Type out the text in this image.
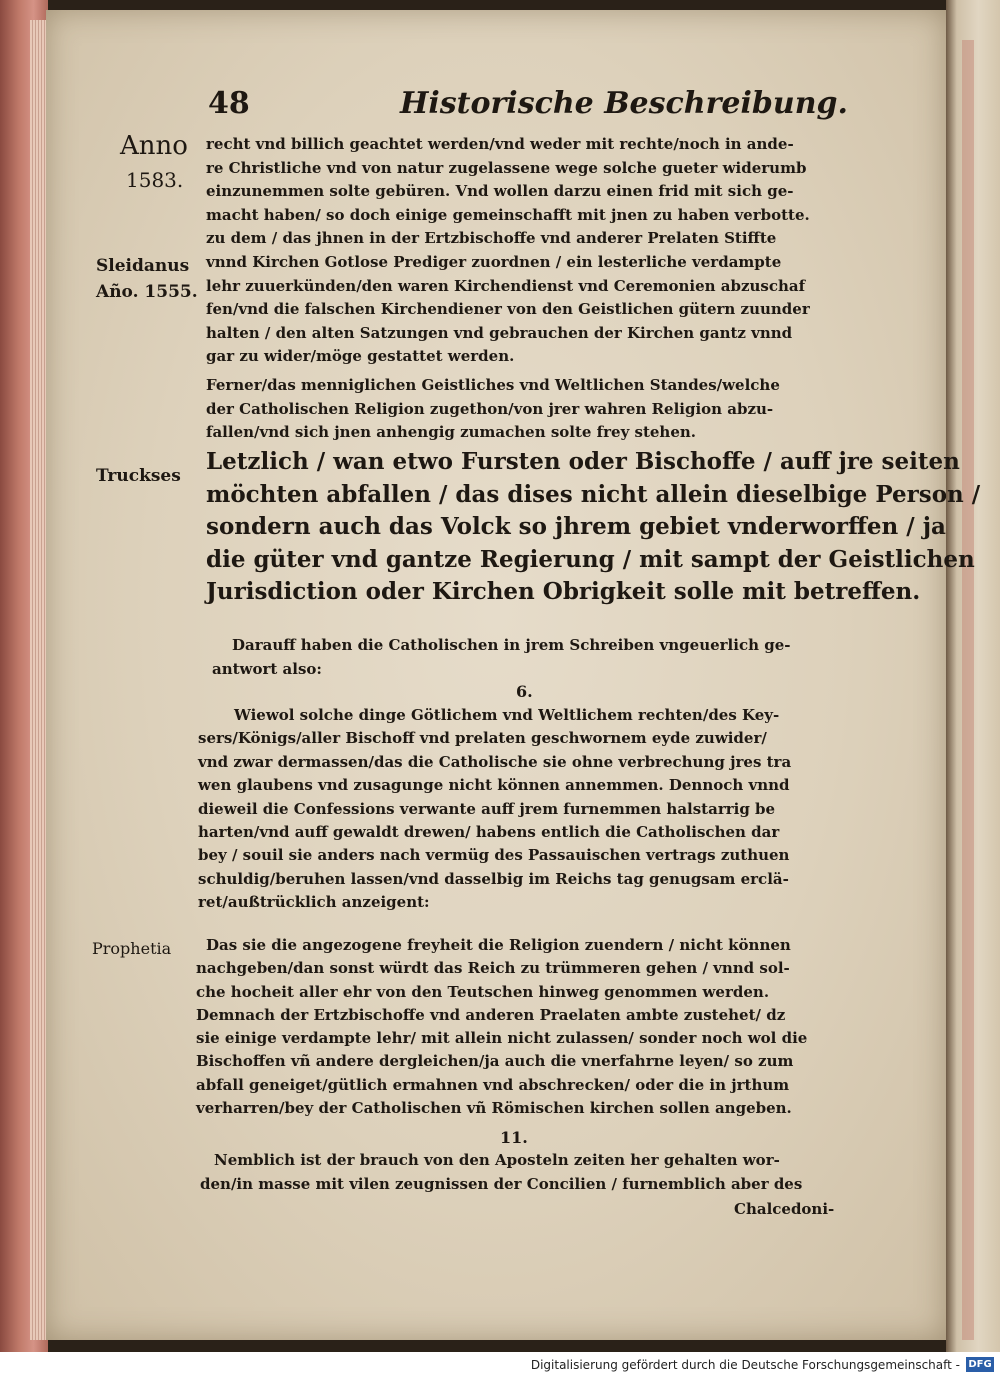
48	Historische Beschreibung.
Anno
1583.
Sleidanus
Año. 1555.
Truckses
Prophetia
recht vnd billich geachtet werden/vnd weder mit rechte/noch in ande-
re Christliche vnd von natur zugelassene wege solche gueter widerumb
einzunemmen solte gebüren. Vnd wollen darzu einen frid mit sich ge-
macht haben/ so doch einige gemeinschafft mit jnen zu haben verbotte.
zu dem / das jhnen in der Ertzbischoffe vnd anderer Prelaten Stiffte
vnnd Kirchen Gotlose Prediger zuordnen / ein lesterliche verdampte
lehr zuuerkünden/den waren Kirchendienst vnd Ceremonien abzuschaf
fen/vnd die falschen Kirchendiener von den Geistlichen gütern zuunder
halten / den alten Satzungen vnd gebrauchen der Kirchen gantz vnnd
gar zu wider/möge gestattet werden.
Ferner/das menniglichen Geistliches vnd Weltlichen Standes/welche
der Catholischen Religion zugethon/von jrer wahren Religion abzu-
fallen/vnd sich jnen anhengig zumachen solte frey stehen.
Letzlich / wan etwo Fursten oder Bischoffe / auff jre seiten
möchten abfallen / das dises nicht allein dieselbige Person /
sondern auch das Volck so jhrem gebiet vnderworffen / ja
die güter vnd gantze Regierung / mit sampt der Geistlichen
Jurisdiction oder Kirchen Obrigkeit solle mit betreffen.
Darauff haben die Catholischen in jrem Schreiben vngeuerlich ge-
antwort also:
6.
Wiewol solche dinge Götlichem vnd Weltlichem rechten/des Key-
sers/Königs/aller Bischoff vnd prelaten geschwornem eyde zuwider/
vnd zwar dermassen/das die Catholische sie ohne verbrechung jres tra
wen glaubens vnd zusagunge nicht können annemmen. Dennoch vnnd
dieweil die Confessions verwante auff jrem furnemmen halstarrig be
harten/vnd auff gewaldt drewen/ habens entlich die Catholischen dar
bey / souil sie anders nach vermüg des Passauischen vertrags zuthuen
schuldig/beruhen lassen/vnd dasselbig im Reichs tag genugsam erclä-
ret/außtrücklich anzeigent:
Das sie die angezogene freyheit die Religion zuendern / nicht können
nachgeben/dan sonst würdt das Reich zu trümmeren gehen / vnnd sol-
che hocheit aller ehr von den Teutschen hinweg genommen werden.
Demnach der Ertzbischoffe vnd anderen Praelaten ambte zustehet/ dz
sie einige verdampte lehr/ mit allein nicht zulassen/ sonder noch wol die
Bischoffen vñ andere dergleichen/ja auch die vnerfahrne leyen/ so zum
abfall geneiget/gütlich ermahnen vnd abschrecken/ oder die in jrthum
verharren/bey der Catholischen vñ Römischen kirchen sollen angeben.
11.
Nemblich ist der brauch von den Aposteln zeiten her gehalten wor-
den/in masse mit vilen zeugnissen der Concilien / furnemblich aber des
Chalcedoni-
Digitalisierung gefördert durch die Deutsche Forschungsgemeinschaft - DFG
